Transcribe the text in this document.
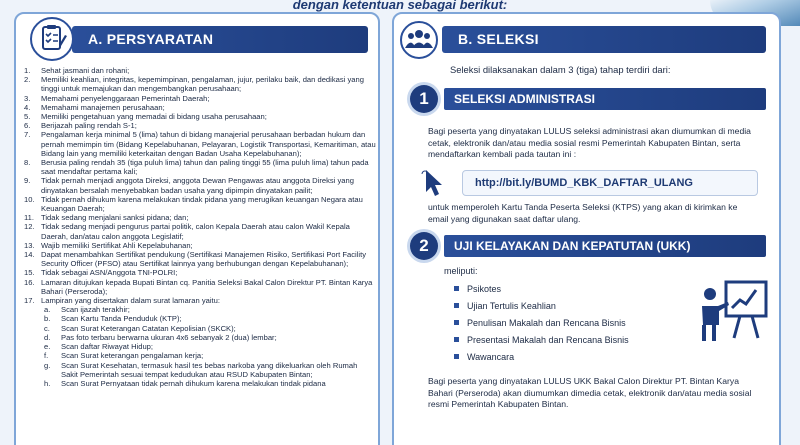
dengan ketentuan sebagai berikut:
A. PERSYARATAN
1.	Sehat jasmani dan rohani;
2.	Memiliki keahlian, integritas, kepemimpinan, pengalaman, jujur, perilaku baik, dan dedikasi yang tinggi untuk memajukan dan mengembangkan perusahaan;
3.	Memahami penyelenggaraan Pemerintah Daerah;
4.	Memahami manajemen perusahaan;
5.	Memiliki pengetahuan yang memadai di bidang usaha perusahaan;
6.	Berijazah paling rendah S-1;
7.	Pengalaman kerja minimal 5 (lima) tahun di bidang manajerial perusahaan berbadan hukum dan pernah memimpin tim (Bidang Kepelabuhanan, Pelayaran, Logistik Transportasi, Kemaritiman, atau Bidang lain yang memiliki keterkaitan dengan Badan Usaha Kepelabuhanan);
8.	Berusia paling rendah 35 (tiga puluh lima) tahun dan paling tinggi 55 (lima puluh lima) tahun pada saat mendaftar pertama kali;
9.	Tidak pernah menjadi anggota Direksi, anggota Dewan Pengawas atau anggota Direksi yang dinyatakan bersalah menyebabkan badan usaha yang dipimpin dinyatakan pailit;
10. Tidak pernah dihukum karena melakukan tindak pidana yang merugikan keuangan Negara atau Keuangan Daerah;
11. Tidak sedang menjalani sanksi pidana; dan;
12. Tidak sedang menjadi pengurus partai politik, calon Kepala Daerah atau calon Wakil Kepala Daerah, dan/atau calon anggota Legislatif;
13. Wajib memiliki Sertifikat Ahli Kepelabuhanan;
14. Dapat menambahkan Sertifikat pendukung (Sertifikasi Manajemen Risiko, Sertifikasi Port Facility Security Officer (PFSO) atau Sertifikat lainnya yang berhubungan dengan Kepelabuhanan);
15. Tidak sebagai ASN/Anggota TNI-POLRI;
16. Lamaran ditujukan kepada Bupati Bintan cq. Panitia Seleksi Bakal Calon Direktur PT. Bintan Karya Bahari (Perseroda);
17. Lampiran yang disertakan dalam surat lamaran yaitu:
a.	Scan ijazah terakhir;
b.	Scan Kartu Tanda Penduduk (KTP);
c.	Scan Surat Keterangan Catatan Kepolisian (SKCK);
d.	Pas foto terbaru berwarna ukuran 4x6 sebanyak 2 (dua) lembar;
e.	Scan daftar Riwayat Hidup;
f.	Scan Surat keterangan pengalaman kerja;
g.	Scan Surat Kesehatan, termasuk hasil tes bebas narkoba yang dikeluarkan oleh Rumah Sakit Pemerintah sesuai tempat kedudukan atau RSUD Kabupaten Bintan;
h.	Scan Surat Pernyataan tidak pernah dihukum karena melakukan tindak pidana
B. SELEKSI
Seleksi dilaksanakan dalam 3 (tiga) tahap terdiri dari:
1	SELEKSI ADMINISTRASI
Bagi peserta yang dinyatakan LULUS seleksi administrasi akan diumumkan di media cetak, elektronik dan/atau media sosial resmi Pemerintah Kabupaten Bintan, serta mendaftarkan kembali pada tautan ini :
http://bit.ly/BUMD_KBK_DAFTAR_ULANG
untuk memperoleh Kartu Tanda Peserta Seleksi (KTPS) yang akan di kirimkan ke email yang digunakan saat daftar ulang.
2	UJI KELAYAKAN DAN KEPATUTAN (UKK)
meliputi:
Psikotes
Ujian Tertulis Keahlian
Penulisan Makalah dan Rencana Bisnis
Presentasi Makalah dan Rencana Bisnis
Wawancara
Bagi peserta yang dinyatakan LULUS UKK Bakal Calon Direktur PT. Bintan Karya Bahari (Perseroda) akan diumumkan dimedia cetak, elektronik dan/atau media sosial resmi Pemerintah Kabupaten Bintan.
